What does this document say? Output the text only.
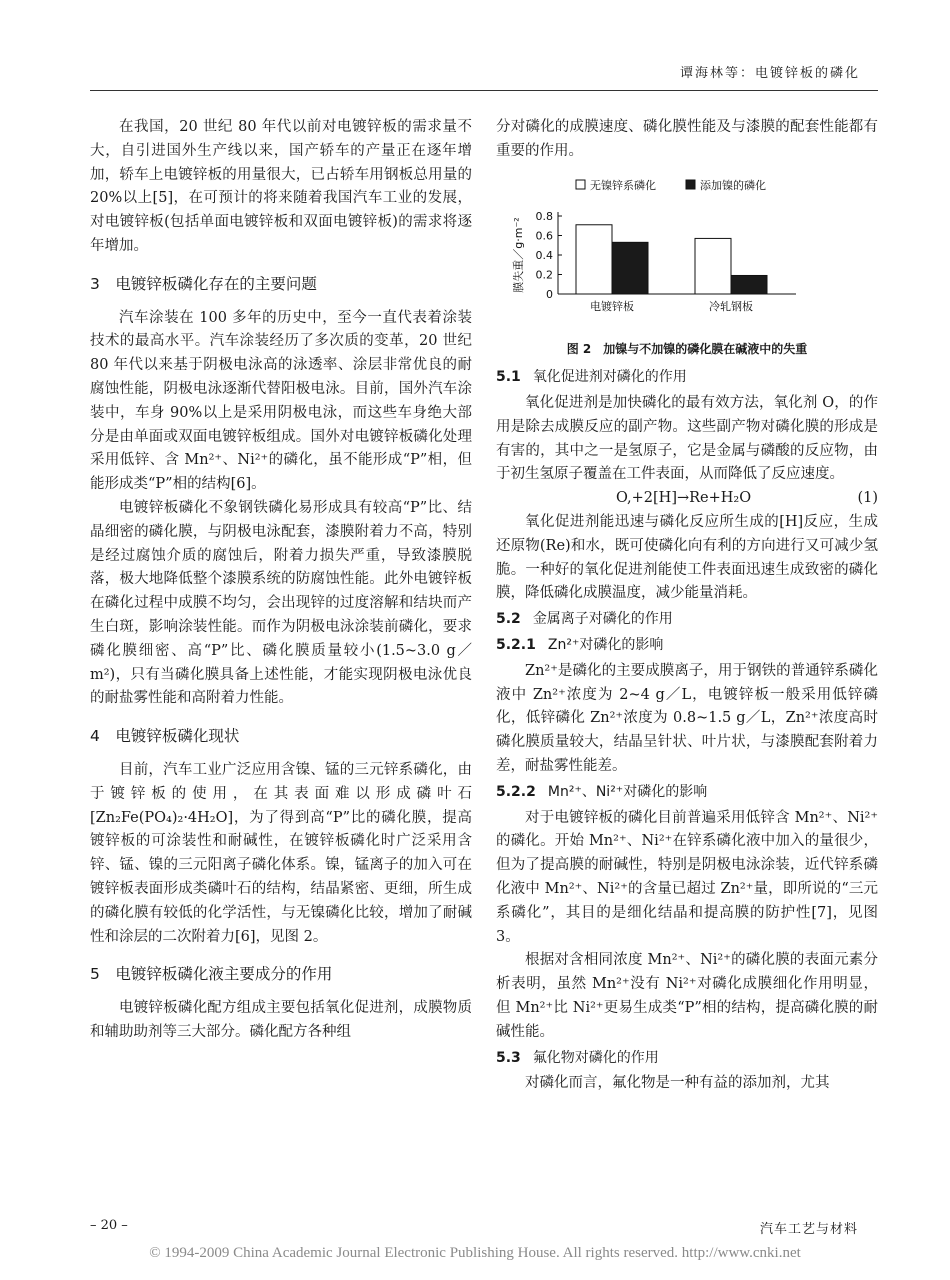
谭海林等：电镀锌板的磷化

在我国，20 世纪 80 年代以前对电镀锌板的需求量不大，自引进国外生产线以来，国产轿车的产量正在逐年增加，轿车上电镀锌板的用量很大，已占轿车用钢板总用量的 20%以上[5]，在可预计的将来随着我国汽车工业的发展，对电镀锌板(包括单面电镀锌板和双面电镀锌板)的需求将逐年增加。

3　 电镀锌板磷化存在的主要问题

汽车涂装在 100 多年的历史中，至今一直代表着涂装技术的最高水平。汽车涂装经历了多次质的变革，20 世纪 80 年代以来基于阴极电泳高的泳透率、涂层非常优良的耐腐蚀性能，阴极电泳逐渐代替阳极电泳。目前，国外汽车涂装中，车身 90%以上是采用阴极电泳，而这些车身绝大部分是由单面或双面电镀锌板组成。国外对电镀锌板磷化处理采用低锌、含 Mn²⁺、Ni²⁺的磷化，虽不能形成“P”相，但能形成类“P”相的结构[6]。

电镀锌板磷化不象钢铁磷化易形成具有较高“P”比、结晶细密的磷化膜，与阴极电泳配套，漆膜附着力不高，特别是经过腐蚀介质的腐蚀后，附着力损失严重，导致漆膜脱落，极大地降低整个漆膜系统的防腐蚀性能。此外电镀锌板在磷化过程中成膜不均匀，会出现锌的过度溶解和结块而产生白斑，影响涂装性能。而作为阴极电泳涂装前磷化，要求磷化膜细密、高“P”比、磷化膜质量较小(1.5~3.0 g／m²)，只有当磷化膜具备上述性能，才能实现阴极电泳优良的耐盐雾性能和高附着力性能。

4　 电镀锌板磷化现状

目前，汽车工业广泛应用含镍、锰的三元锌系磷化，由于镀锌板的使用，在其表面难以形成磷叶石[Zn₂Fe(PO₄)₂·4H₂O]，为了得到高“P”比的磷化膜，提高镀锌板的可涂装性和耐碱性，在镀锌板磷化时广泛采用含锌、锰、镍的三元阳离子磷化体系。镍，锰离子的加入可在镀锌板表面形成类磷叶石的结构，结晶紧密、更细，所生成的磷化膜有较低的化学活性，与无镍磷化比较，增加了耐碱性和涂层的二次附着力[6]，见图 2。

5　 电镀锌板磷化液主要成分的作用

电镀锌板磷化配方组成主要包括氧化促进剂，成膜物质和辅助助剂等三大部分。磷化配方各种组

分对磷化的成膜速度、磷化膜性能及与漆膜的配套性能都有重要的作用。

无镍锌系磷化	添加镍的磷化
0
0.2
0.4
0.6
0.8
膜失重／g·m⁻²
电镀锌板	冷轧钢板
图 2　加镍与不加镍的磷化膜在碱液中的失重
5.1 氧化促进剂对磷化的作用

氧化促进剂是加快磷化的最有效方法，氧化剂 O，的作用是除去成膜反应的副产物。这些副产物对磷化膜的形成是有害的，其中之一是氢原子，它是金属与磷酸的反应物，由于初生氢原子覆盖在工件表面，从而降低了反应速度。

O,+2[H]→Re+H₂O	(1)

氧化促进剂能迅速与磷化反应所生成的[H]反应，生成还原物(Re)和水，既可使磷化向有利的方向进行又可减少氢脆。一种好的氧化促进剂能使工件表面迅速生成致密的磷化膜，降低磷化成膜温度，减少能量消耗。

5.2 金属离子对磷化的作用
5.2.1 Zn²⁺对磷化的影响

Zn²⁺是磷化的主要成膜离子，用于钢铁的普通锌系磷化液中 Zn²⁺浓度为 2~4 g／L，电镀锌板一般采用低锌磷化，低锌磷化 Zn²⁺浓度为 0.8~1.5 g／L，Zn²⁺浓度高时磷化膜质量较大，结晶呈针状、叶片状，与漆膜配套附着力差，耐盐雾性能差。

5.2.2 Mn²⁺、Ni²⁺对磷化的影响

对于电镀锌板的磷化目前普遍采用低锌含 Mn²⁺、Ni²⁺的磷化。开始 Mn²⁺、Ni²⁺在锌系磷化液中加入的量很少，但为了提高膜的耐碱性，特别是阴极电泳涂装，近代锌系磷化液中 Mn²⁺、Ni²⁺的含量已超过 Zn²⁺量，即所说的“三元系磷化”，其目的是细化结晶和提高膜的防护性[7]，见图 3。

根据对含相同浓度 Mn²⁺、Ni²⁺的磷化膜的表面元素分析表明，虽然 Mn²⁺没有 Ni²⁺对磷化成膜细化作用明显，但 Mn²⁺比 Ni²⁺更易生成类“P”相的结构，提高磷化膜的耐碱性能。

5.3 氟化物对磷化的作用

对磷化而言，氟化物是一种有益的添加剂，尤其

– 20 –	汽车工艺与材料
© 1994-2009 China Academic Journal Electronic Publishing House. All rights reserved. http://www.cnki.net
